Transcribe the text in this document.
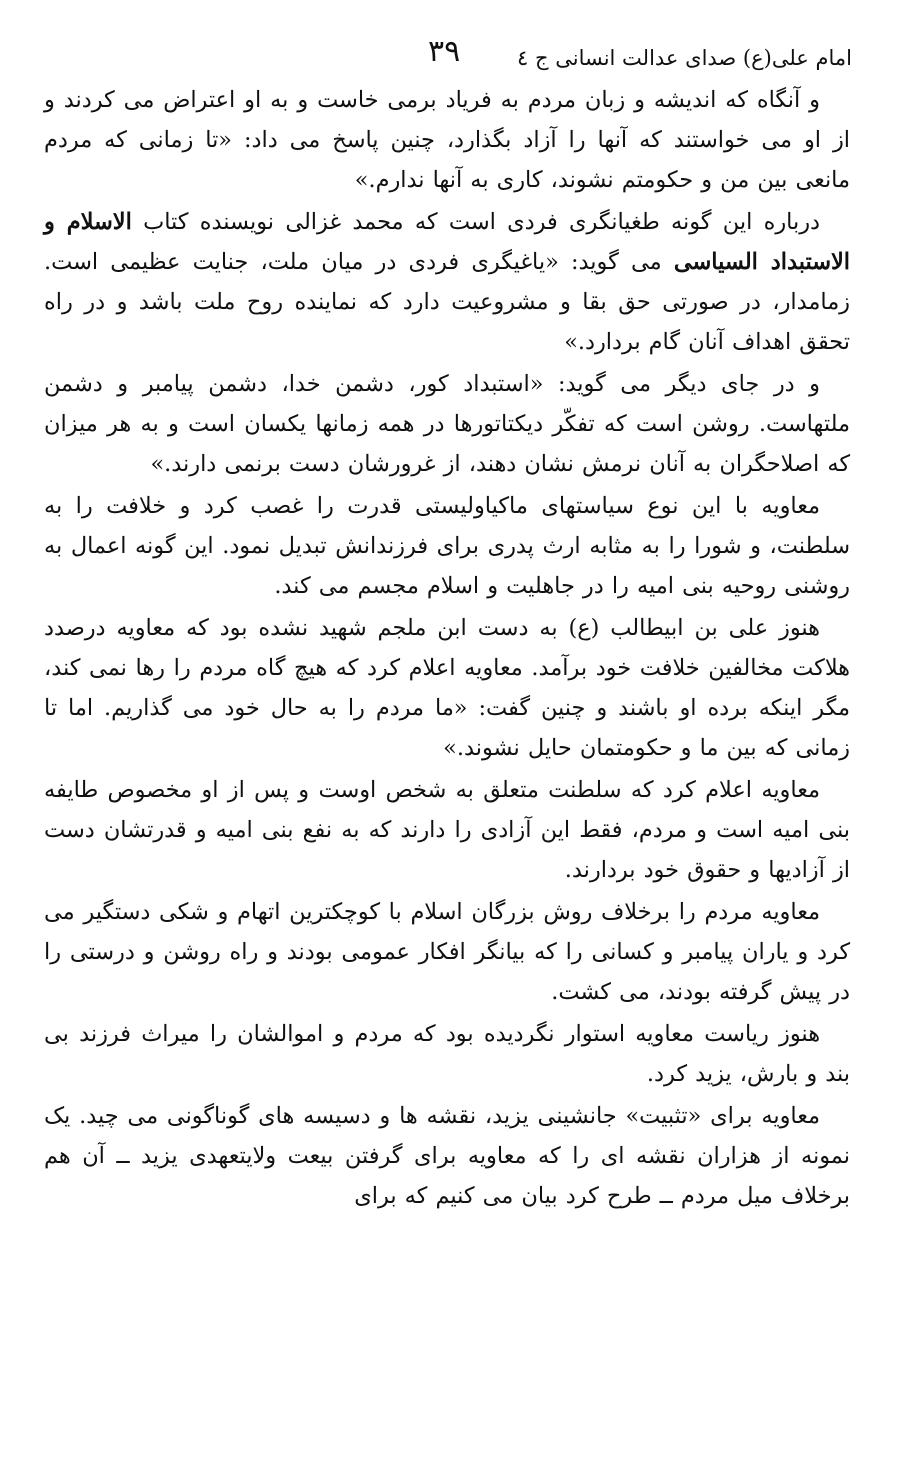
امام علی(ع) صدای عدالت انسانی ج ٤
٣٩

و آنگاه که اندیشه و زبان مردم به فریاد برمی خاست و به او اعتراض می کردند و از او می خواستند که آنها را آزاد بگذارد، چنین پاسخ می داد: «تا زمانی که مردم مانعی بین من و حکومتم نشوند، کاری به آنها ندارم.»

درباره این گونه طغیانگری فردی است که محمد غزالی نویسنده کتاب الاسلام و الاستبداد السیاسی می گوید: «یاغیگری فردی در میان ملت، جنایت عظیمی است. زمامدار، در صورتی حق بقا و مشروعیت دارد که نماینده روح ملت باشد و در راه تحقق اهداف آنان گام بردارد.»

و در جای دیگر می گوید: «استبداد کور، دشمن خدا، دشمن پیامبر و دشمن ملتهاست. روشن است که تفکّر دیکتاتورها در همه زمانها یکسان است و به هر میزان که اصلاحگران به آنان نرمش نشان دهند، از غرورشان دست برنمی دارند.»

معاویه با این نوع سیاستهای ماکیاولیستی قدرت را غصب کرد و خلافت را به سلطنت، و شورا را به مثابه ارث پدری برای فرزندانش تبدیل نمود. این گونه اعمال به روشنی روحیه بنی امیه را در جاهلیت و اسلام مجسم می کند.

هنوز علی بن ابیطالب (ع) به دست ابن ملجم شهید نشده بود که معاویه درصدد هلاکت مخالفین خلافت خود برآمد. معاویه اعلام کرد که هیچ گاه مردم را رها نمی کند، مگر اینکه برده او باشند و چنین گفت: «ما مردم را به حال خود می گذاریم. اما تا زمانی که بین ما و حکومتمان حایل نشوند.»

معاویه اعلام کرد که سلطنت متعلق به شخص اوست و پس از او مخصوص طایفه بنی امیه است و مردم، فقط این آزادی را دارند که به نفع بنی امیه و قدرتشان دست از آزادیها و حقوق خود بردارند.

معاویه مردم را برخلاف روش بزرگان اسلام با کوچکترین اتهام و شکی دستگیر می کرد و یاران پیامبر و کسانی را که بیانگر افکار عمومی بودند و راه روشن و درستی را در پیش گرفته بودند، می کشت.

هنوز ریاست معاویه استوار نگردیده بود که مردم و اموالشان را میراث فرزند بی بند و بارش، یزید کرد.

معاویه برای «تثبیت» جانشینی یزید، نقشه ها و دسیسه های گوناگونی می چید. یک نمونه از هزاران نقشه ای را که معاویه برای گرفتن بیعت ولایتعهدی یزید ــ آن هم برخلاف میل مردم ــ طرح کرد بیان می کنیم که برای
